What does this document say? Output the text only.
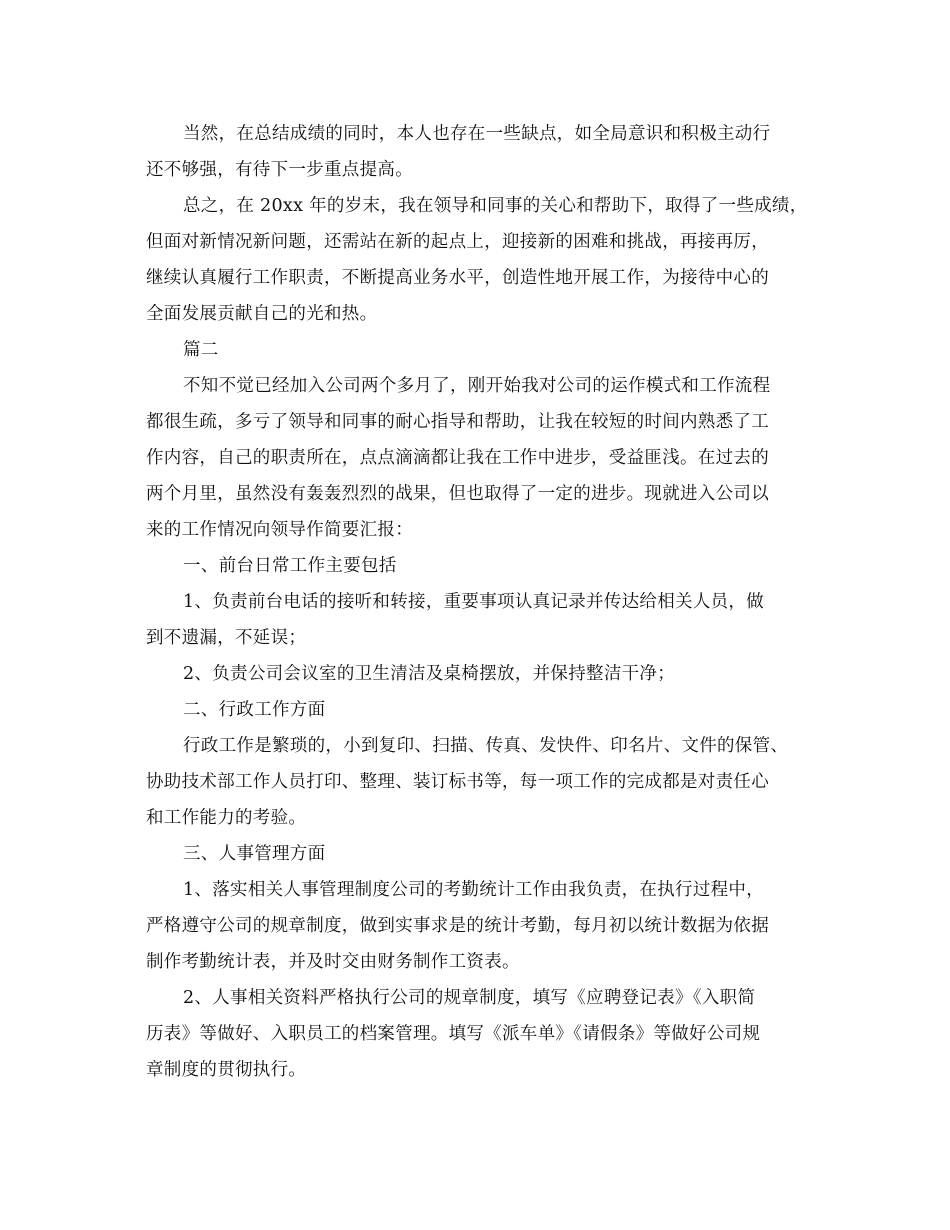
当然，在总结成绩的同时，本人也存在一些缺点，如全局意识和积极主动行
还不够强，有待下一步重点提高。
总之，在 20xx 年的岁末，我在领导和同事的关心和帮助下，取得了一些成绩，
但面对新情况新问题，还需站在新的起点上，迎接新的困难和挑战，再接再厉，
继续认真履行工作职责，不断提高业务水平，创造性地开展工作，为接待中心的
全面发展贡献自己的光和热。
篇二
不知不觉已经加入公司两个多月了，刚开始我对公司的运作模式和工作流程
都很生疏，多亏了领导和同事的耐心指导和帮助，让我在较短的时间内熟悉了工
作内容，自己的职责所在，点点滴滴都让我在工作中进步，受益匪浅。在过去的
两个月里，虽然没有轰轰烈烈的战果，但也取得了一定的进步。现就进入公司以
来的工作情况向领导作简要汇报：
一、前台日常工作主要包括
1、负责前台电话的接听和转接，重要事项认真记录并传达给相关人员，做
到不遗漏，不延误；
2、负责公司会议室的卫生清洁及桌椅摆放，并保持整洁干净；
二、行政工作方面
行政工作是繁琐的，小到复印、扫描、传真、发快件、印名片、文件的保管、
协助技术部工作人员打印、整理、装订标书等，每一项工作的完成都是对责任心
和工作能力的考验。
三、人事管理方面
1、落实相关人事管理制度公司的考勤统计工作由我负责，在执行过程中，
严格遵守公司的规章制度，做到实事求是的统计考勤，每月初以统计数据为依据
制作考勤统计表，并及时交由财务制作工资表。
2、人事相关资料严格执行公司的规章制度，填写《应聘登记表》《入职简
历表》等做好、入职员工的档案管理。填写《派车单》《请假条》等做好公司规
章制度的贯彻执行。
